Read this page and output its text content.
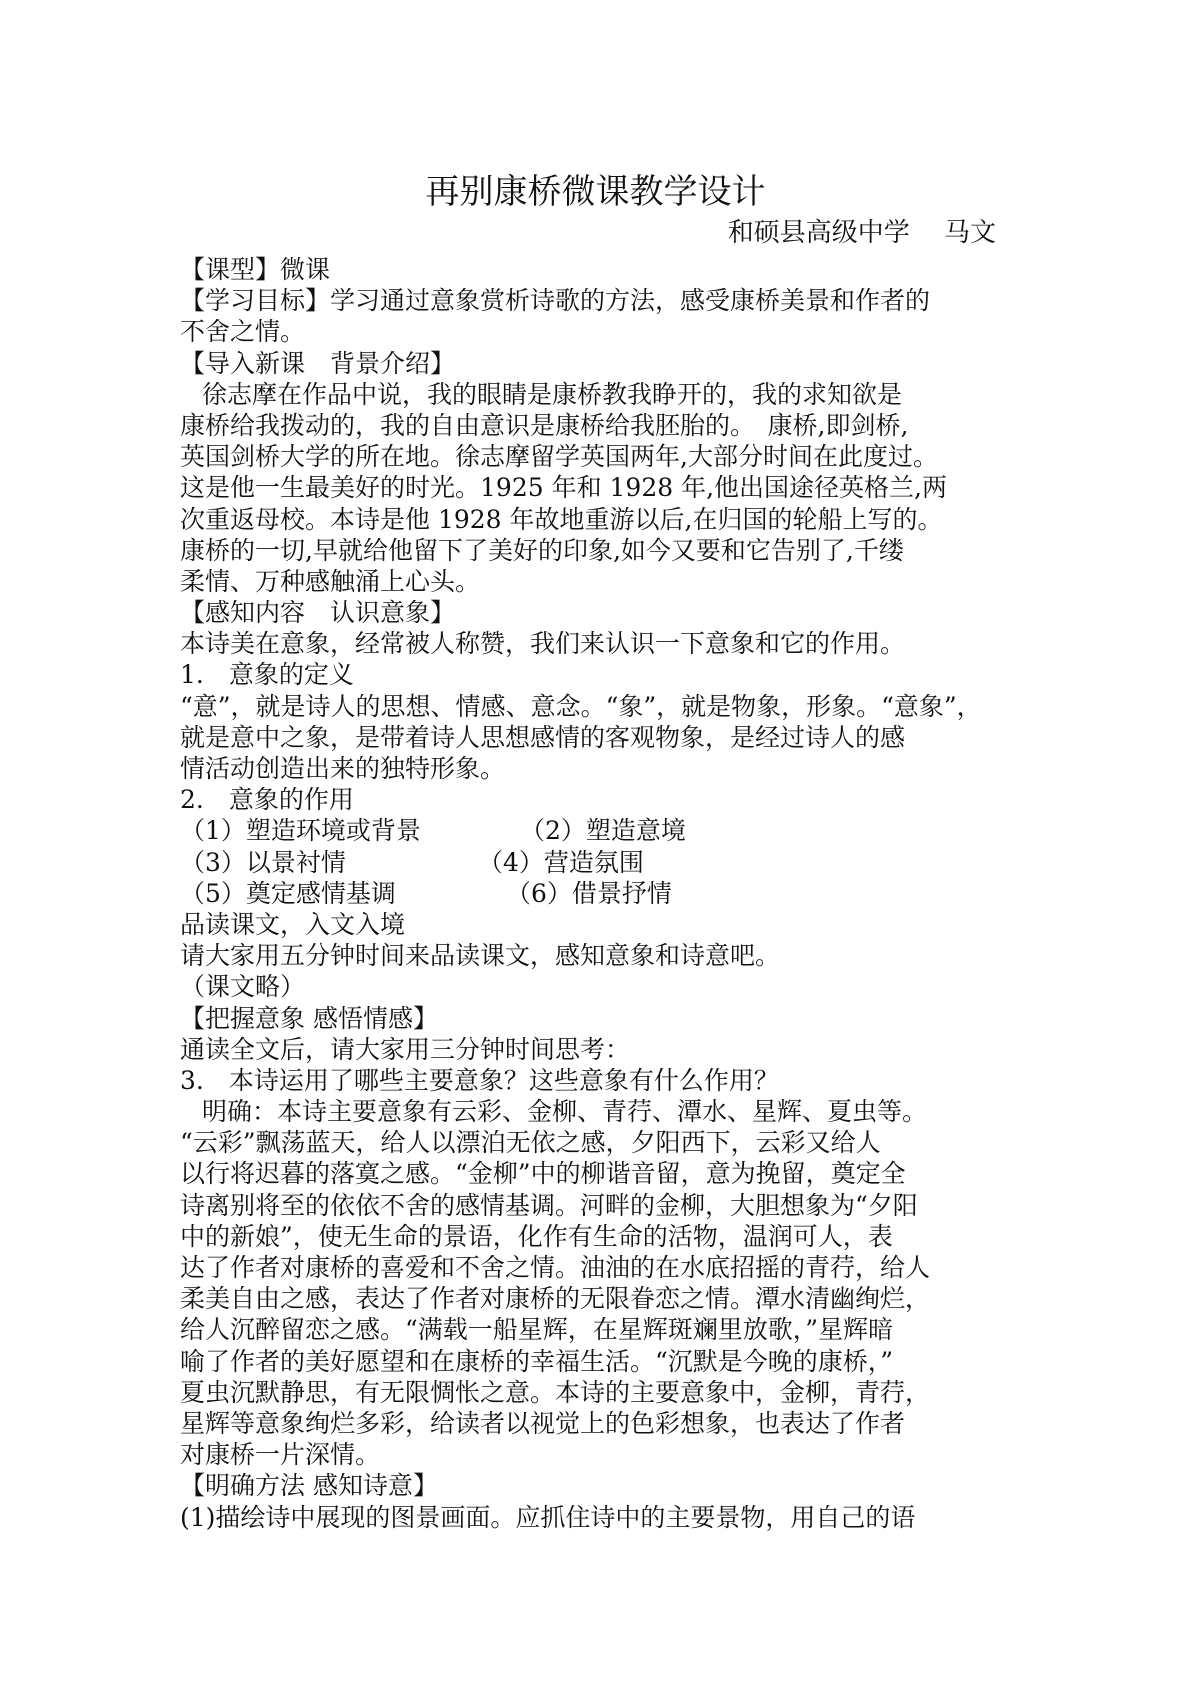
再别康桥微课教学设计
和硕县高级中学　 马文
【课型】微课
【学习目标】学习通过意象赏析诗歌的方法，感受康桥美景和作者的
不舍之情。
【导入新课　背景介绍】
徐志摩在作品中说，我的眼睛是康桥教我睁开的，我的求知欲是
康桥给我拨动的，我的自由意识是康桥给我胚胎的。　康桥,即剑桥,
英国剑桥大学的所在地。徐志摩留学英国两年,大部分时间在此度过。
这是他一生最美好的时光。1925 年和 1928 年,他出国途径英格兰,两
次重返母校。本诗是他 1928 年故地重游以后,在归国的轮船上写的。
康桥的一切,早就给他留下了美好的印象,如今又要和它告别了,千缕
柔情、万种感触涌上心头。
【感知内容　认识意象】
本诗美在意象，经常被人称赞，我们来认识一下意象和它的作用。
1.　意象的定义
“意”，就是诗人的思想、情感、意念。“象”，就是物象，形象。“意象”，
就是意中之象，是带着诗人思想感情的客观物象，是经过诗人的感
情活动创造出来的独特形象。
2.　意象的作用
（1）塑造环境或背景	（2）塑造意境
（3）以景衬情	（4）营造氛围
（5）奠定感情基调	（6）借景抒情
品读课文，入文入境
请大家用五分钟时间来品读课文，感知意象和诗意吧。
（课文略）
【把握意象 感悟情感】
通读全文后，请大家用三分钟时间思考：
3.　本诗运用了哪些主要意象？这些意象有什么作用？
明确：本诗主要意象有云彩、金柳、青荇、潭水、星辉、夏虫等。
“云彩”飘荡蓝天，给人以漂泊无依之感，夕阳西下，云彩又给人
以行将迟暮的落寞之感。“金柳”中的柳谐音留，意为挽留，奠定全
诗离别将至的依依不舍的感情基调。河畔的金柳，大胆想象为“夕阳
中的新娘”，使无生命的景语，化作有生命的活物，温润可人，表
达了作者对康桥的喜爱和不舍之情。油油的在水底招摇的青荇，给人
柔美自由之感，表达了作者对康桥的无限眷恋之情。潭水清幽绚烂，
给人沉醉留恋之感。“满载一船星辉，在星辉斑斓里放歌，”星辉暗
喻了作者的美好愿望和在康桥的幸福生活。“沉默是今晚的康桥，”
夏虫沉默静思，有无限惆怅之意。本诗的主要意象中，金柳，青荇，
星辉等意象绚烂多彩，给读者以视觉上的色彩想象，也表达了作者
对康桥一片深情。
【明确方法 感知诗意】
(1)描绘诗中展现的图景画面。应抓住诗中的主要景物，用自己的语
